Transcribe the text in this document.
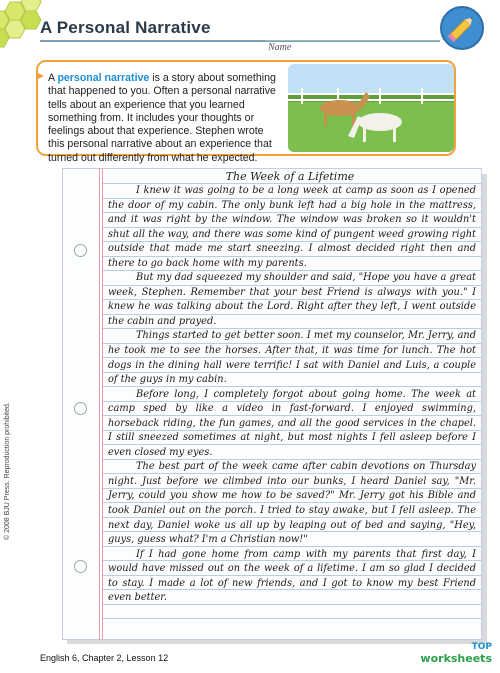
A Personal Narrative
Name
A personal narrative is a story about something that happened to you. Often a personal narrative tells about an experience that you learned something from. It includes your thoughts or feelings about that experience. Stephen wrote this personal narrative about an experience that turned out differently from what he expected.
The Week of a Lifetime

I knew it was going to be a long week at camp as soon as I opened the door of my cabin. The only bunk left had a big hole in the mattress, and it was right by the window. The window was broken so it wouldn't shut all the way, and there was some kind of pungent weed growing right outside that made me start sneezing. I almost decided right then and there to go back home with my parents.

But my dad squeezed my shoulder and said, "Hope you have a great week, Stephen. Remember that your best Friend is always with you." I knew he was talking about the Lord. Right after they left, I went outside the cabin and prayed.

Things started to get better soon. I met my counselor, Mr. Jerry, and he took me to see the horses. After that, it was time for lunch. The hot dogs in the dining hall were terrific! I sat with Daniel and Luis, a couple of the guys in my cabin.

Before long, I completely forgot about going home. The week at camp sped by like a video in fast-forward. I enjoyed swimming, horseback riding, the fun games, and all the good services in the chapel. I still sneezed sometimes at night, but most nights I fell asleep before I even closed my eyes.

The best part of the week came after cabin devotions on Thursday night. Just before we climbed into our bunks, I heard Daniel say, "Mr. Jerry, could you show me how to be saved?" Mr. Jerry got his Bible and took Daniel out on the porch. I tried to stay awake, but I fell asleep. The next day, Daniel woke us all up by leaping out of bed and saying, "Hey, guys, guess what? I'm a Christian now!"

If I had gone home from camp with my parents that first day, I would have missed out on the week of a lifetime. I am so glad I decided to stay. I made a lot of new friends, and I got to know my best Friend even better.

© 2008 BJU Press. Reproduction prohibited.
English 6, Chapter 2, Lesson 12
TOP
worksheets
